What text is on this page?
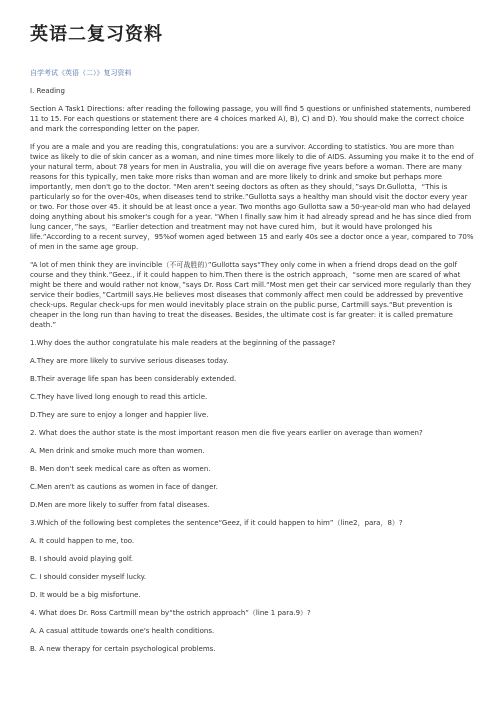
英语二复习资料
自学考试《英语（二）》复习资料

I. Reading

Section A Task1 Directions: after reading the following passage, you will find 5 questions or unfinished statements, numbered 11 to 15. For each questions or statement there are 4 choices marked A), B), C) and D). You should make the correct choice and mark the corresponding letter on the paper.

If you are a male and you are reading this, congratulations: you are a survivor. According to statistics. You are more than twice as likely to die of skin cancer as a woman, and nine times more likely to die of AIDS. Assuming you make it to the end of your natural term, about 78 years for men in Australia, you will die on average five years before a woman. There are many reasons for this typically, men take more risks than woman and are more likely to drink and smoke but perhaps more importantly, men don't go to the doctor. “Men aren't seeing doctors as often as they should，”says Dr.Gullotta，“This is particularly so for the over-40s, when diseases tend to strike.”Gullotta says a healthy man should visit the doctor every year or two. For those over 45. it should be at least once a year. Two months ago Gullotta saw a 50-year-old man who had delayed doing anything about his smoker's cough for a year. “When I finally saw him it had already spread and he has since died from lung cancer，”he says，“Earlier detection and treatment may not have cured him，but it would have prolonged his life.”According to a recent survey，95%of women aged between 15 and early 40s see a doctor once a year, compared to 70% of men in the same age group.

“A lot of men think they are invincible（不可战胜的）”Gullotta says“They only come in when a friend drops dead on the golf course and they think.”Geez., if it could happen to him.Then there is the ostrich approach，“some men are scared of what might be there and would rather not know，”says Dr. Ross Cart mill.“Most men get their car serviced more regularly than they service their bodies，”Cartmill says.He believes most diseases that commonly affect men could be addressed by preventive check-ups. Regular check-ups for men would inevitably place strain on the public purse, Cartmill says.“But prevention is cheaper in the long run than having to treat the diseases. Besides, the ultimate cost is far greater: it is called premature death.”

1.Why does the author congratulate his male readers at the beginning of the passage?

A.They are more likely to survive serious diseases today.

B.Their average life span has been considerably extended.

C.They have lived long enough to read this article.

D.They are sure to enjoy a longer and happier live.

2. What does the author state is the most important reason men die five years earlier on average than women?

A. Men drink and smoke much more than women.

B. Men don't seek medical care as often as women.

C.Men aren't as cautions as women in face of danger.

D.Men are more likely to suffer from fatal diseases.

3.Which of the following best completes the sentence“Geez, if it could happen to him”（line2，para，8）?

A. It could happen to me, too.

B. I should avoid playing golf.

C. I should consider myself lucky.

D. It would be a big misfortune.

4. What does Dr. Ross Cartmill mean by“the ostrich approach”（line 1 para.9）?

A. A casual attitude towards one's health conditions.

B. A new therapy for certain psychological problems.
